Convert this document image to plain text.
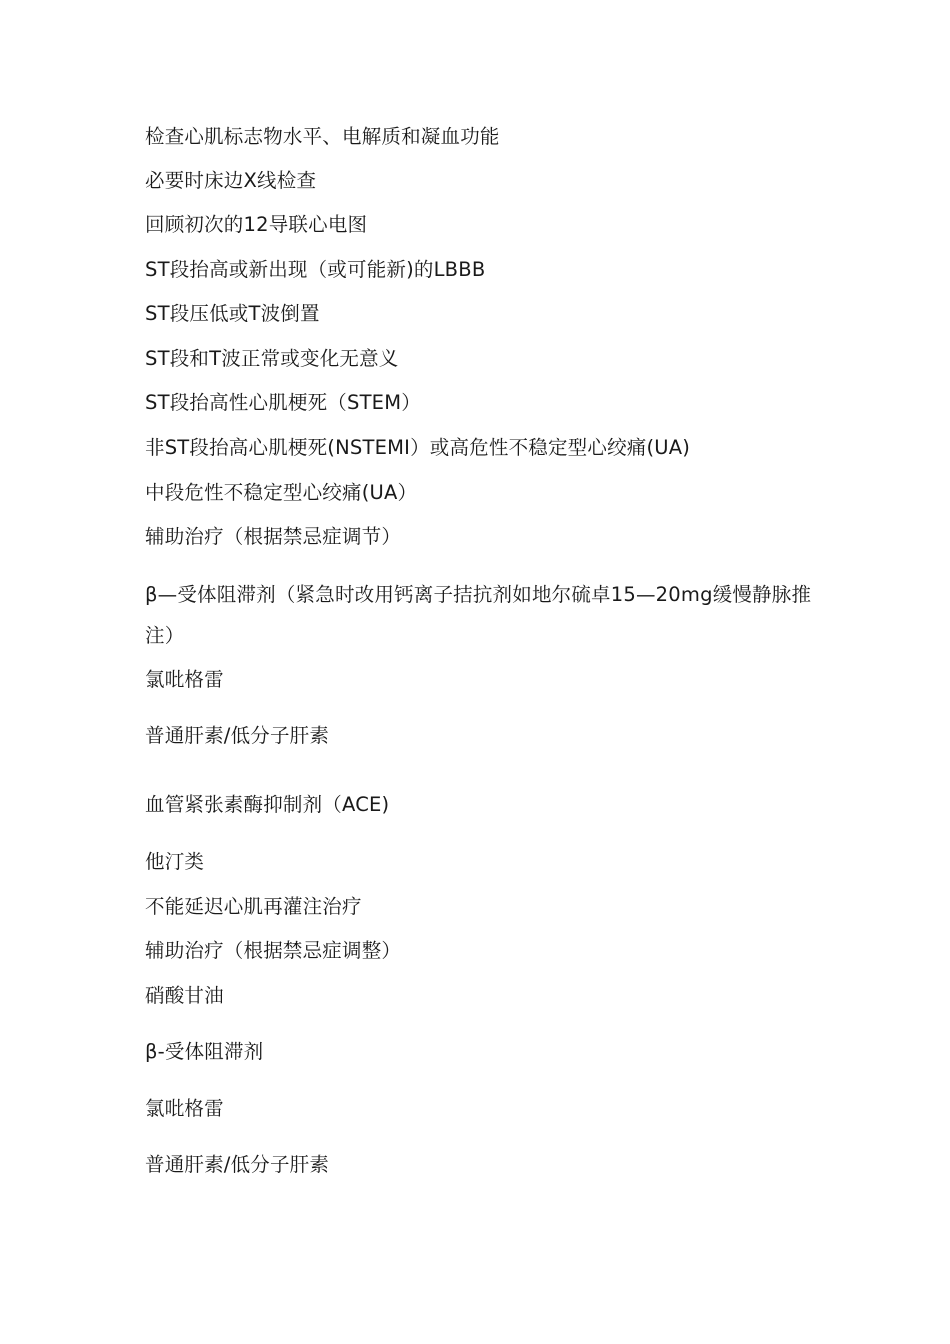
检查心肌标志物水平、电解质和凝血功能
必要时床边X线检查
回顾初次的12导联心电图
ST段抬高或新出现（或可能新)的LBBB
ST段压低或T波倒置
ST段和T波正常或变化无意义
ST段抬高性心肌梗死（STEM）
非ST段抬高心肌梗死(NSTEMI）或高危性不稳定型心绞痛(UA)
中段危性不稳定型心绞痛(UA）
辅助治疗（根据禁忌症调节）
β—受体阻滞剂（紧急时改用钙离子拮抗剂如地尔硫卓15—20mg缓慢静脉推注）
氯吡格雷
普通肝素/低分子肝素
血管紧张素酶抑制剂（ACE)
他汀类
不能延迟心肌再灌注治疗
辅助治疗（根据禁忌症调整）
硝酸甘油
β-受体阻滞剂
氯吡格雷
普通肝素/低分子肝素
